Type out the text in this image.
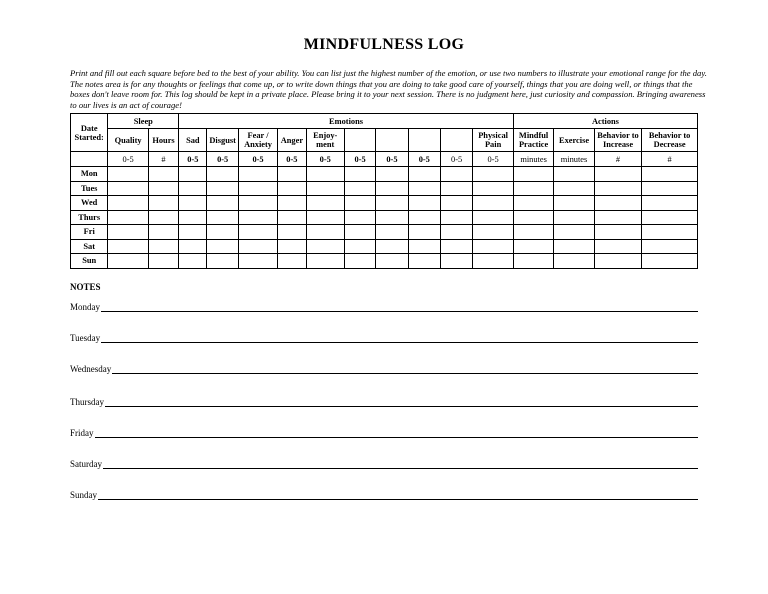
MINDFULNESS LOG
Print and fill out each square before bed to the best of your ability. You can list just the highest number of the emotion, or use two numbers to illustrate your emotional range for the day. The notes area is for any thoughts or feelings that come up, or to write down things that you are doing to take good care of yourself, things that you are doing well, or things that the boxes don't leave room for. This log should be kept in a private place. Please bring it to your next session. There is no judgment here, just curiosity and compassion. Bringing awareness to our lives is an act of courage!
Date Started:	Sleep		Emotions										Actions			
	Quality	Hours	Sad	Disgust	Fear / Anxiety	Anger	Enjoy-ment					Physical Pain	Mindful Practice	Exercise	Behavior to Increase	Behavior to Decrease
	0-5	#	0-5	0-5	0-5	0-5	0-5	0-5	0-5	0-5	0-5	0-5	minutes	minutes	#	#
Mon																
Tues																
Wed																
Thurs																
Fri																
Sat																
Sun																
NOTES
Monday
Tuesday
Wednesday
Thursday
Friday
Saturday
Sunday
